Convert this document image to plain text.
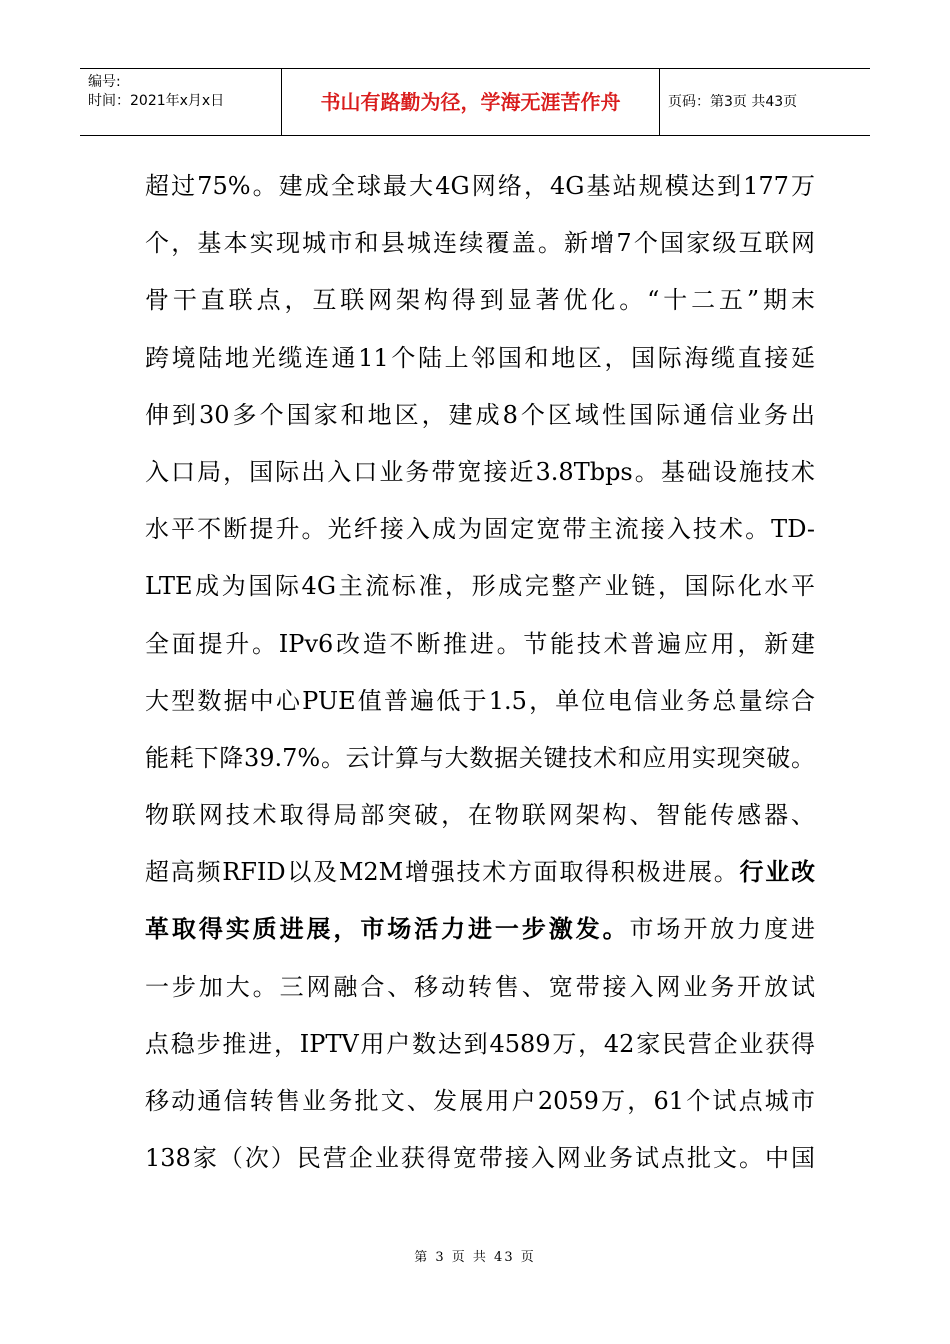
编号:
时间：2021年x月x日	书山有路勤为径，学海无涯苦作舟	页码：第3页 共43页
超过75%。建成全球最大4G网络，4G基站规模达到177万
个，基本实现城市和县城连续覆盖。新增7个国家级互联网
骨干直联点，互联网架构得到显著优化。“十二五”期末
跨境陆地光缆连通11个陆上邻国和地区，国际海缆直接延
伸到30多个国家和地区，建成8个区域性国际通信业务出
入口局，国际出入口业务带宽接近3.8Tbps。基础设施技术
水平不断提升。光纤接入成为固定宽带主流接入技术。TD-
LTE成为国际4G主流标准，形成完整产业链，国际化水平
全面提升。IPv6改造不断推进。节能技术普遍应用，新建
大型数据中心PUE值普遍低于1.5，单位电信业务总量综合
能耗下降39.7%。云计算与大数据关键技术和应用实现突破。
物联网技术取得局部突破，在物联网架构、智能传感器、
超高频RFID以及M2M增强技术方面取得积极进展。行业改
革取得实质进展，市场活力进一步激发。市场开放力度进
一步加大。三网融合、移动转售、宽带接入网业务开放试
点稳步推进，IPTV用户数达到4589万，42家民营企业获得
移动通信转售业务批文、发展用户2059万，61个试点城市
138家（次）民营企业获得宽带接入网业务试点批文。中国
第 3 页 共 43 页
